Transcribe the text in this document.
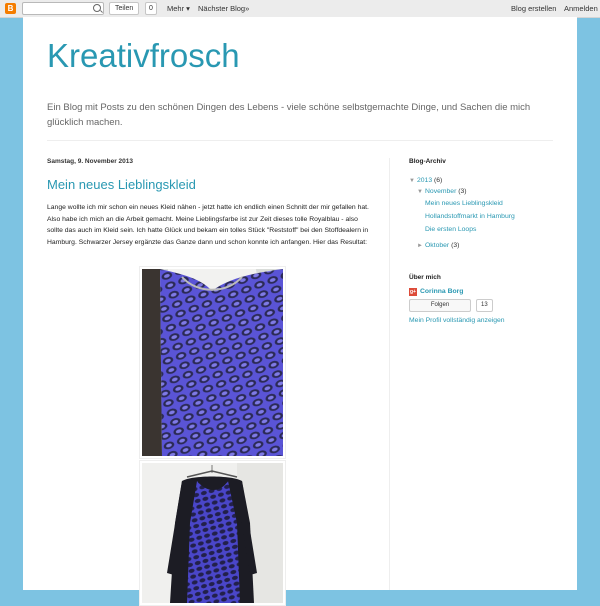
B	Teilen	0	Mehr ▾ Nächster Blog»	Blog erstellen Anmelden
Kreativfrosch
Ein Blog mit Posts zu den schönen Dingen des Lebens - viele schöne selbstgemachte Dinge, und Sachen die mich glücklich machen.
Samstag, 9. November 2013
Mein neues Lieblingskleid
Lange wollte ich mir schon ein neues Kleid nähen - jetzt hatte ich endlich einen Schnitt der mir gefallen hat. Also habe ich mich an die Arbeit gemacht. Meine Lieblingsfarbe ist zur Zeit dieses tolle Royalblau - also sollte das auch im Kleid sein. Ich hatte Glück und bekam ein tolles Stück "Reststoff" bei den Stoffdealern in Hamburg. Schwarzer Jersey ergänzte das Ganze dann und schon konnte ich anfangen. Hier das Resultat:
Blog-Archiv
▼ 2013 (6)
▼ November (3)
Mein neues Lieblingskleid
Hollandstoffmarkt in Hamburg
Die ersten Loops
► Oktober (3)
Über mich
g+ Corinna Borg
Folgen	13
Mein Profil vollständig anzeigen
